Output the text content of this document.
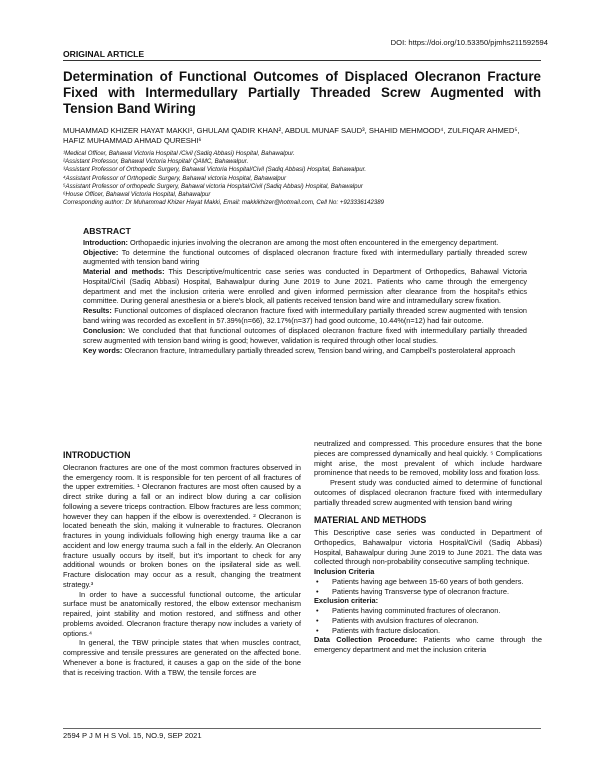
DOI: https://doi.org/10.53350/pjmhs211592594
ORIGINAL ARTICLE
Determination of Functional Outcomes of Displaced Olecranon Fracture Fixed with Intermedullary Partially Threaded Screw Augmented with Tension Band Wiring
MUHAMMAD KHIZER HAYAT MAKKI¹, GHULAM QADIR KHAN², ABDUL MUNAF SAUD³, SHAHID MEHMOOD⁴, ZULFIQAR AHMED⁵, HAFIZ MUHAMMAD AHMAD QURESHI⁶
¹Medical Officer, Bahawal Victoria Hospital /Civil (Sadiq Abbasi) Hospital, Bahawalpur.
²Assistant Professor, Bahawal Victoria Hospital/ QAMC, Bahawalpur.
³Assistant Professor of Orthopedic Surgery, Bahawal Victoria Hospital/Civil (Sadiq Abbasi) Hospital, Bahawalpur.
⁴Assistant Professor of Orthopedic Surgery, Bahawal victoria Hospital, Bahawalpur
⁵Assistant Professor of orthopedic Surgery, Bahawal victoria Hospital/Civil (Sadiq Abbasi) Hospital, Bahawalpur
⁶House Officer, Bahawal Victoria Hospital, Bahawalpur
Corresponding author: Dr Muhammad Khizer Hayat Makki, Email: makkikhizer@hotmail.com, Cell No: +923336142389
ABSTRACT

Introduction: Orthopaedic injuries involving the olecranon are among the most often encountered in the emergency department.

Objective: To determine the functional outcomes of displaced olecranon fracture fixed with intermedullary partially threaded screw augmented with tension band wiring

Material and methods: This Descriptive/multicentric case series was conducted in Department of Orthopedics, Bahawal Victoria Hospital/Civil (Sadiq Abbasi) Hospital, Bahawalpur during June 2019 to June 2021. Patients who came through the emergency department and met the inclusion criteria were enrolled and given informed permission after clearance from the hospital's ethics committee. During general anesthesia or a biere's block, all patients received tension band wire and intramedullary screw fixation.

Results: Functional outcomes of displaced olecranon fracture fixed with intermedullary partially threaded screw augmented with tension band wiring was recorded as excellent in 57.39%(n=66), 32.17%(n=37) had good outcome, 10.44%(n=12) had fair outcome.

Conclusion: We concluded that that functional outcomes of displaced olecranon fracture fixed with intermedullary partially threaded screw augmented with tension band wiring is good; however, validation is required through other local studies.

Key words: Olecranon fracture, Intramedullary partially threaded screw, Tension band wiring, and Campbell's posterolateral approach

INTRODUCTION

Olecranon fractures are one of the most common fractures observed in the emergency room. It is responsible for ten percent of all fractures of the upper extremities. ¹ Olecranon fractures are most often caused by a direct strike during a fall or an indirect blow during a car collision following a severe triceps contraction. Elbow fractures are less common; however they can happen if the elbow is overextended. ² Olecranon is located beneath the skin, making it vulnerable to fractures. Olecranon fractures in young individuals following high energy trauma like a car accident and low energy trauma such a fall in the elderly. An Olecranon fracture usually occurs by itself, but it's important to check for any additional wounds or broken bones on the ipsilateral side as well. Fracture dislocation may occur as a result, changing the treatment strategy.³

In order to have a successful functional outcome, the articular surface must be anatomically restored, the elbow extensor mechanism repaired, joint stability and motion restored, and stiffness and other problems avoided. Olecranon fracture therapy now includes a variety of options.⁴

In general, the TBW principle states that when muscles contract, compressive and tensile pressures are generated on the affected bone. Whenever a bone is fractured, it causes a gap on the side of the bone that is receiving traction. With a TBW, the tensile forces are

neutralized and compressed. This procedure ensures that the bone pieces are compressed dynamically and heal quickly. ⁵ Complications might arise, the most prevalent of which include hardware prominence that needs to be removed, mobility loss and fixation loss.

Present study was conducted aimed to determine of functional outcomes of displaced olecranon fracture fixed with intermedullary partially threaded screw augmented with tension band wiring

MATERIAL AND METHODS

This Descriptive case series was conducted in Department of Orthopedics, Bahawalpur victoria Hospital/Civil (Sadiq Abbasi) Hospital, Bahawalpur during June 2019 to June 2021. The data was collected through non-probability consecutive sampling technique.

Inclusion Criteria

• Patients having age between 15-60 years of both genders.
• Patients having Transverse type of olecranon fracture.

Exclusion criteria:

• Patients having comminuted fractures of olecranon.
• Patients with avulsion fractures of olecranon.
• Patients with fracture dislocation.

Data Collection Procedure: Patients who came through the emergency department and met the inclusion criteria

2594 P J M H S Vol. 15, NO.9, SEP 2021
